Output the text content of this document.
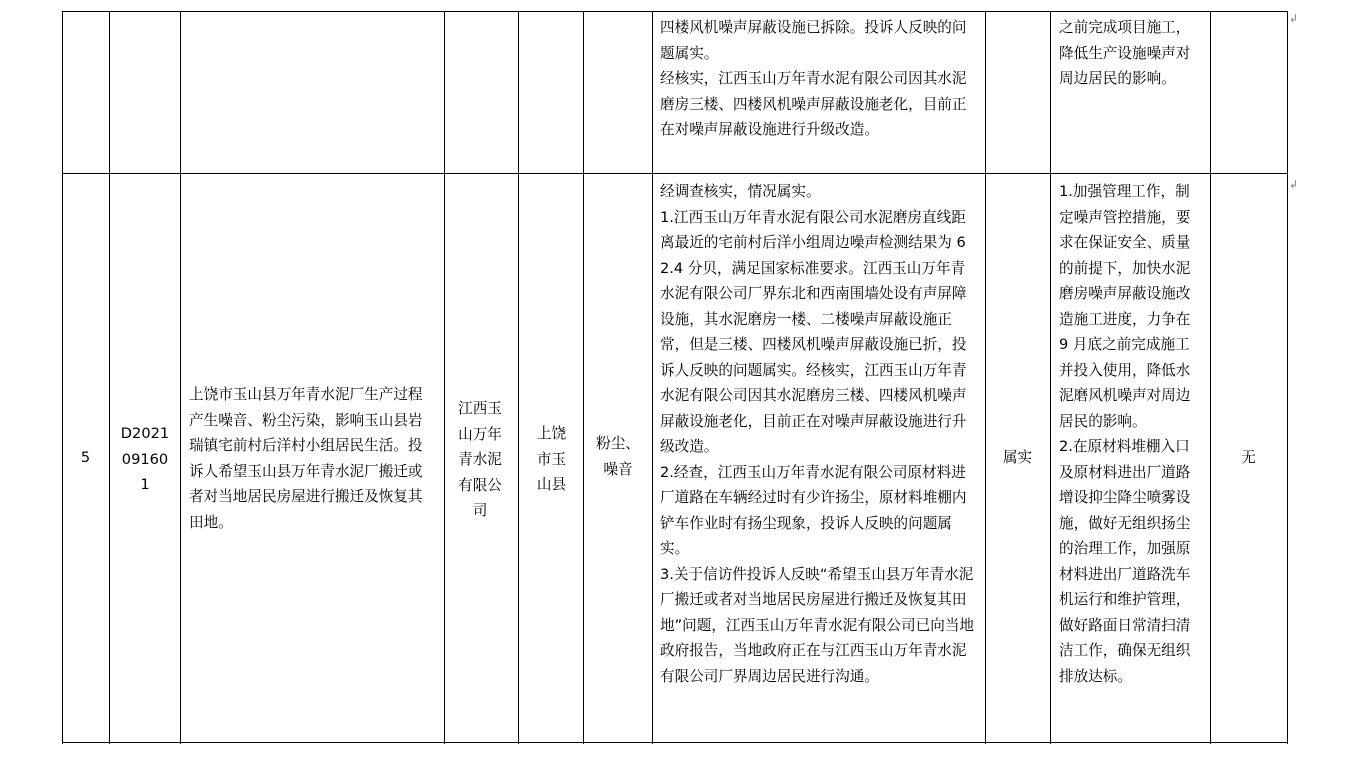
四楼风机噪声屏蔽设施已拆除。投诉人反映的问题属实。
经核实，江西玉山万年青水泥有限公司因其水泥磨房三楼、四楼风机噪声屏蔽设施老化，目前正在对噪声屏蔽设施进行升级改造。
之前完成项目施工，降低生产设施噪声对周边居民的影响。
5
D2021091601
上饶市玉山县万年青水泥厂生产过程产生噪音、粉尘污染，影响玉山县岩瑞镇宅前村后洋村小组居民生活。投诉人希望玉山县万年青水泥厂搬迁或者对当地居民房屋进行搬迁及恢复其田地。
江西玉山万年青水泥有限公司
上饶市玉山县
粉尘、噪音
经调查核实，情况属实。
1.江西玉山万年青水泥有限公司水泥磨房直线距离最近的宅前村后洋小组周边噪声检测结果为 62.4 分贝，满足国家标准要求。江西玉山万年青水泥有限公司厂界东北和西南围墙处设有声屏障设施，其水泥磨房一楼、二楼噪声屏蔽设施正常，但是三楼、四楼风机噪声屏蔽设施已折，投诉人反映的问题属实。经核实，江西玉山万年青水泥有限公司因其水泥磨房三楼、四楼风机噪声屏蔽设施老化，目前正在对噪声屏蔽设施进行升级改造。
2.经查，江西玉山万年青水泥有限公司原材料进厂道路在车辆经过时有少许扬尘，原材料堆棚内铲车作业时有扬尘现象，投诉人反映的问题属实。
3.关于信访件投诉人反映“希望玉山县万年青水泥厂搬迁或者对当地居民房屋进行搬迁及恢复其田地”问题，江西玉山万年青水泥有限公司已向当地政府报告，当地政府正在与江西玉山万年青水泥有限公司厂界周边居民进行沟通。
属实
1.加强管理工作，制定噪声管控措施，要求在保证安全、质量的前提下，加快水泥磨房噪声屏蔽设施改造施工进度，力争在 9 月底之前完成施工并投入使用，降低水泥磨风机噪声对周边居民的影响。
2.在原材料堆棚入口及原材料进出厂道路增设抑尘降尘喷雾设施，做好无组织扬尘的治理工作，加强原材料进出厂道路洗车机运行和维护管理，做好路面日常清扫清洁工作，确保无组织排放达标。
无
↲
↲
